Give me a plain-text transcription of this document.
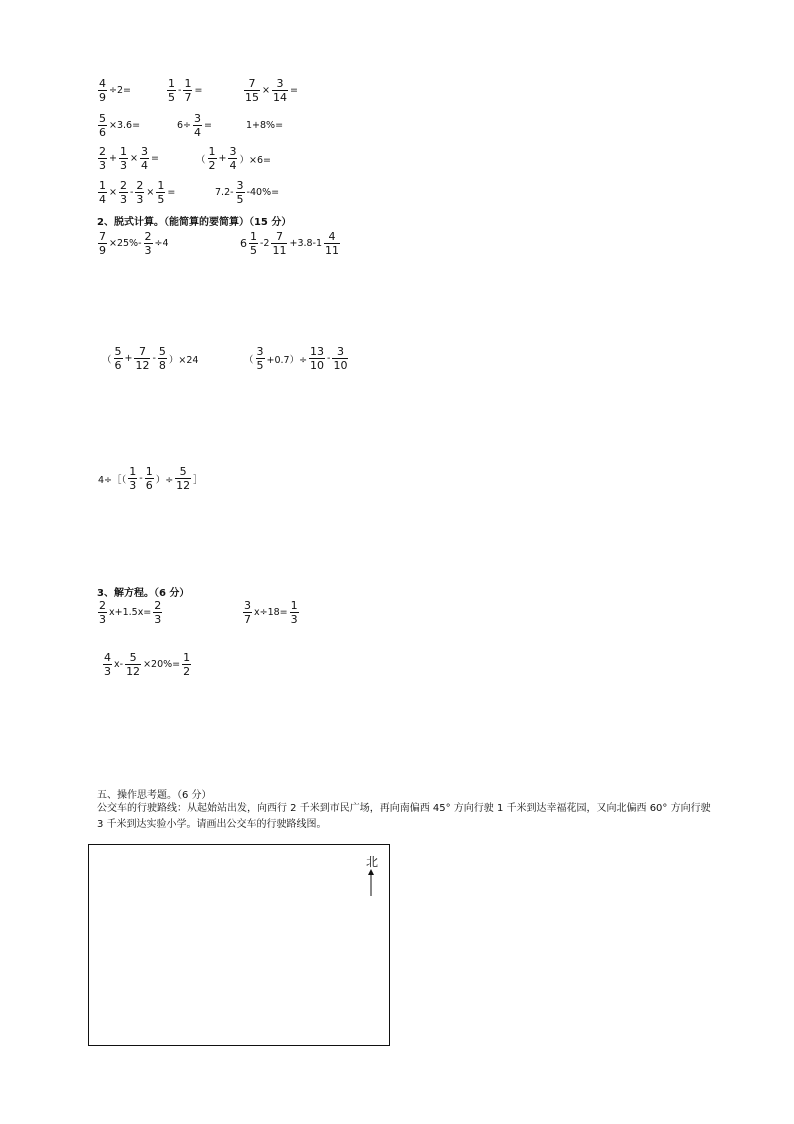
$\frac{4}{9} \div 2=$	$\frac{1}{5} - \frac{1}{7}$ =	$\frac{7}{15} \times \frac{3}{14}$ =
$\frac{5}{6} \times 3.6=$	$6\div \frac{3}{4}$ =	1+8%=
$\frac{2}{3} + \frac{1}{3} \times \frac{3}{4}$ =	（ $\frac{1}{2} + \frac{3}{4} )\times 6=$
$\frac{1}{4} \times \frac{2}{3} - \frac{2}{3} \times \frac{1}{5}$ =	$7.2- \frac{3}{5} -40\%=$
2、脱式计算。（能简算的要简算）（15 分）
$\frac{7}{9} \times 25\%- \frac{2}{3} \div 4$	$6 \frac{1}{5} -2 \frac{7}{11} +3.8-1 \frac{4}{11}$
（ $\frac{5}{6} + \frac{7}{12} - \frac{5}{8} )\times 24$	（ $\frac{3}{5} +0.7)\div \frac{13}{10} - \frac{3}{10}$
4÷［（ $\frac{1}{3} - \frac{1}{6}$ ）÷ $\frac{5}{12}$ ］
3、解方程。（6 分）
$\frac{2}{3} x+1.5x= \frac{2}{3}$	$\frac{3}{7} x\div 18= \frac{1}{3}$
$\frac{4}{3} x- \frac{5}{12} \times 20\%= \frac{1}{2}$
五、操作思考题。（6 分）
公交车的行驶路线：从起始站出发，向西行 2 千米到市民广场，再向南偏西 45° 方向行驶 1 千米到达幸福花园，又向北偏西 60° 方向行驶 3 千米到达实验小学。请画出公交车的行驶路线图。
北
